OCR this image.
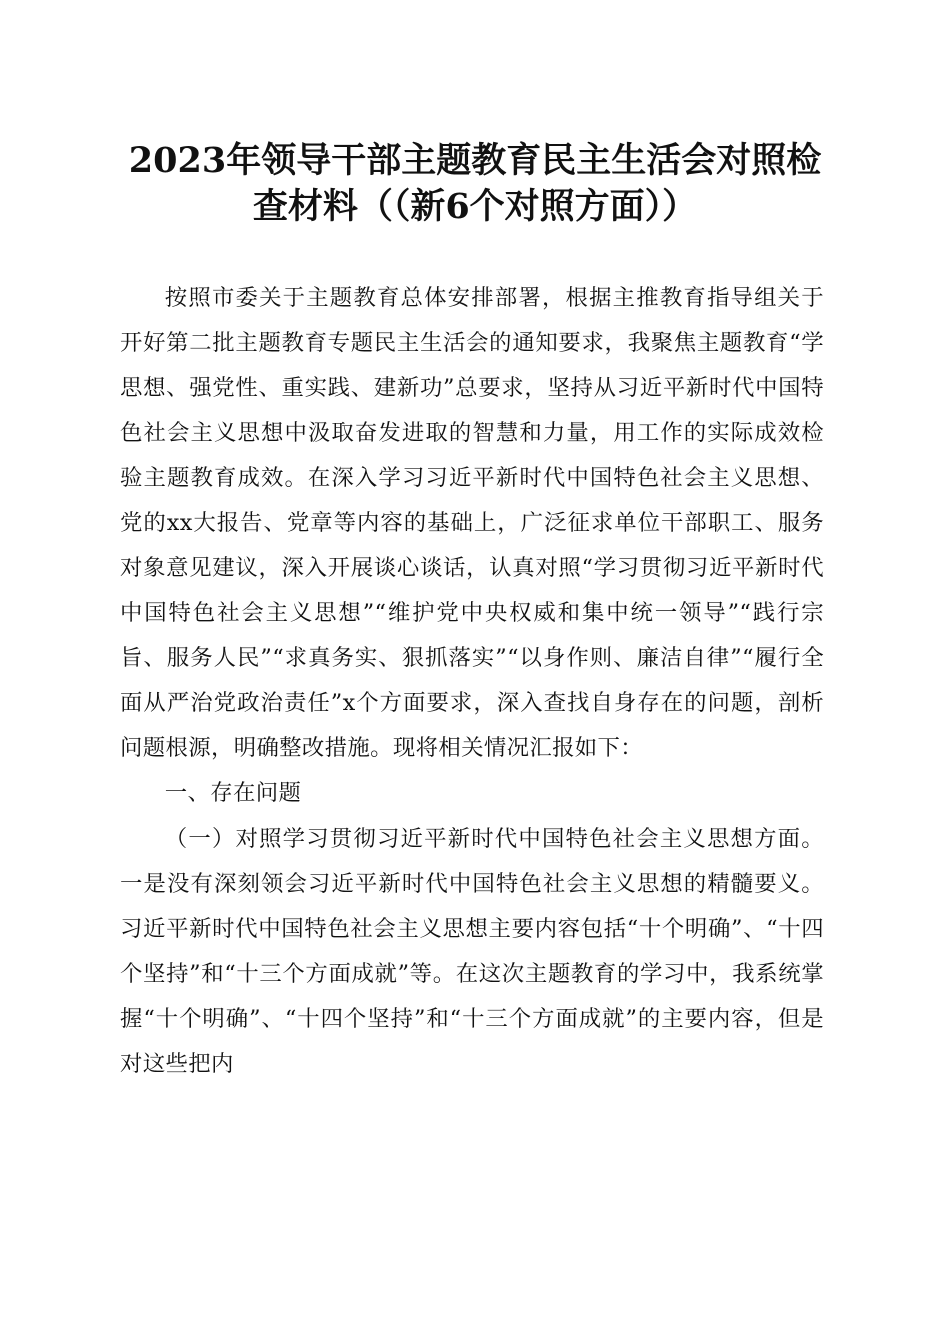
2023年领导干部主题教育民主生活会对照检
查材料（（新6个对照方面））

按照市委关于主题教育总体安排部署，根据主推教育指导组关于开好第二批主题教育专题民主生活会的通知要求，我聚焦主题教育“学思想、强党性、重实践、建新功”总要求，坚持从习近平新时代中国特色社会主义思想中汲取奋发进取的智慧和力量，用工作的实际成效检验主题教育成效。在深入学习习近平新时代中国特色社会主义思想、党的xx大报告、党章等内容的基础上，广泛征求单位干部职工、服务对象意见建议，深入开展谈心谈话，认真对照“学习贯彻习近平新时代中国特色社会主义思想”“维护党中央权威和集中统一领导”“践行宗旨、服务人民”“求真务实、狠抓落实”“以身作则、廉洁自律”“履行全面从严治党政治责任”x个方面要求，深入查找自身存在的问题，剖析问题根源，明确整改措施。现将相关情况汇报如下：

一、存在问题

（一）对照学习贯彻习近平新时代中国特色社会主义思想方面。一是没有深刻领会习近平新时代中国特色社会主义思想的精髓要义。习近平新时代中国特色社会主义思想主要内容包括“十个明确”、“十四个坚持”和“十三个方面成就”等。在这次主题教育的学习中，我系统掌握“十个明确”、“十四个坚持”和“十三个方面成就”的主要内容，但是对这些把内
